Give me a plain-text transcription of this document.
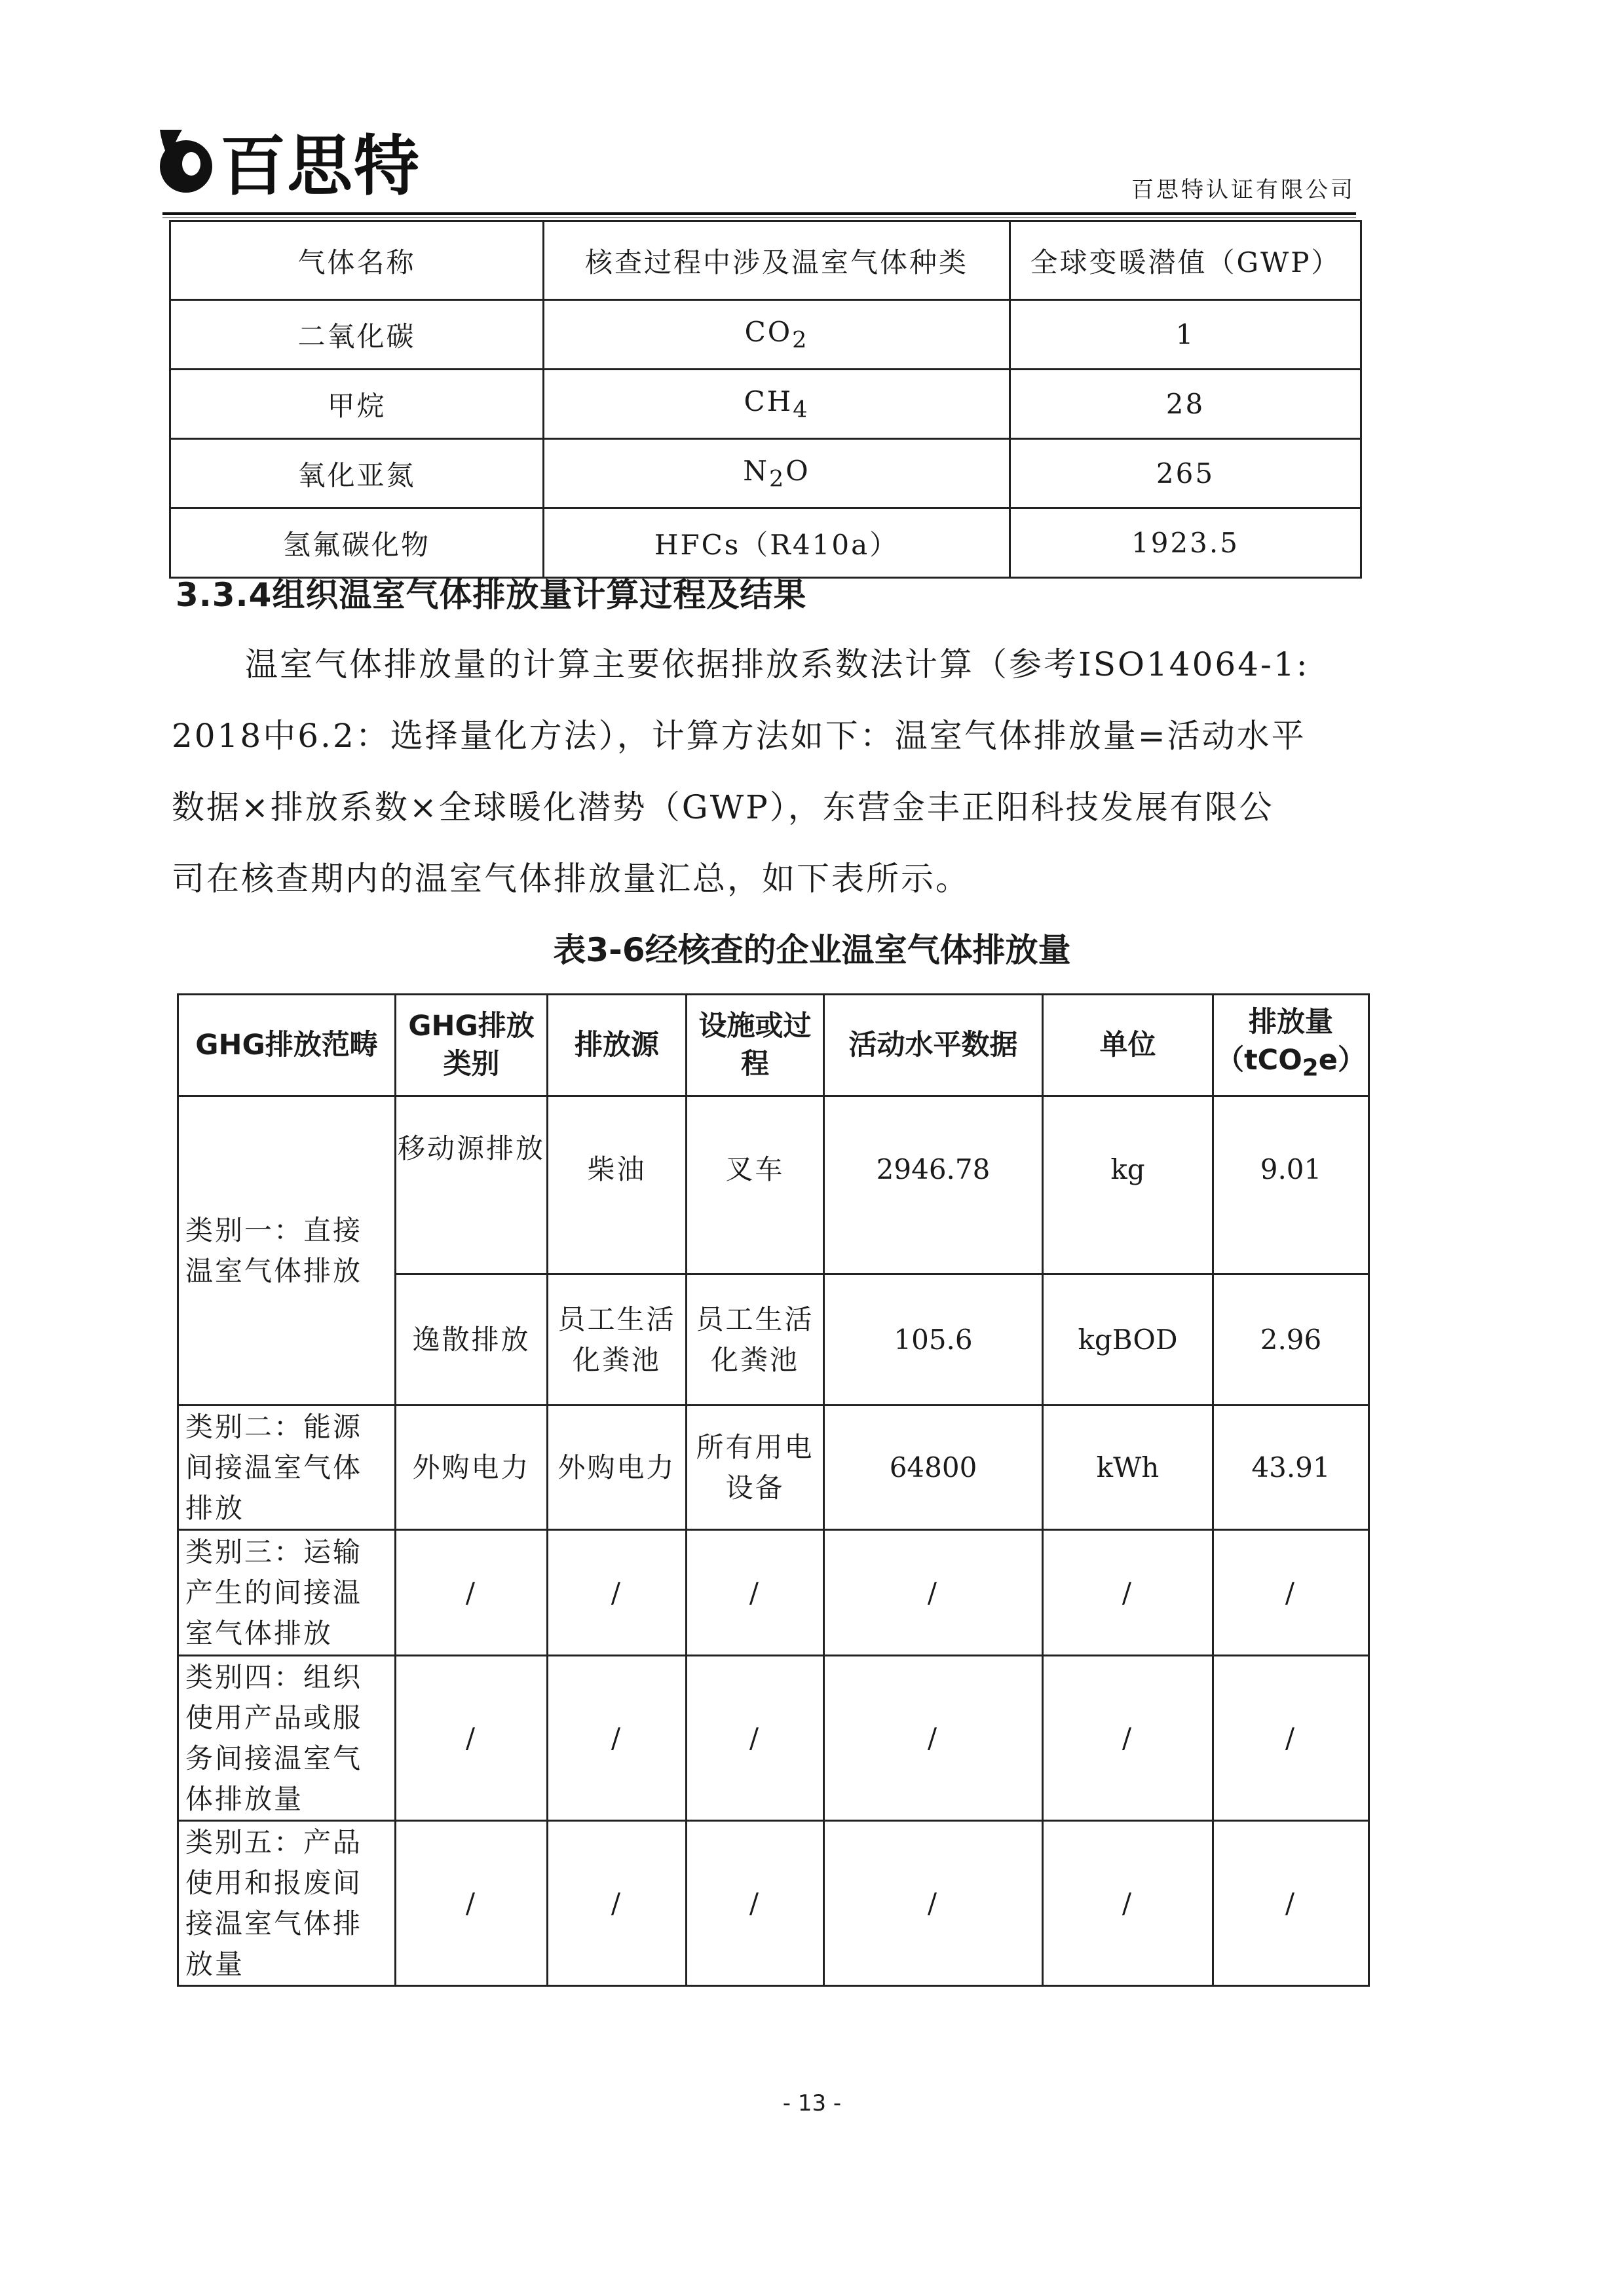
百思特	百思特认证有限公司
气体名称	核查过程中涉及温室气体种类	全球变暖潜值（GWP）
二氧化碳	$CO_2$	1
甲烷	$CH_4$	28
氧化亚氮	$N_2O$	265
氢氟碳化物	HFCs（R410a）	1923.5
3.3.4组织温室气体排放量计算过程及结果
温室气体排放量的计算主要依据排放系数法计算（参考ISO14064-1:
2018中6.2：选择量化方法），计算方法如下：温室气体排放量=活动水平
数据×排放系数×全球暖化潜势（GWP），东营金丰正阳科技发展有限公
司在核查期内的温室气体排放量汇总，如下表所示。
表3-6经核查的企业温室气体排放量
GHG排放范畴	GHG排放类别	排放源	设施或过程	活动水平数据	单位	排放量
（tCO$_2$e）
类别一：直接温室气体排放	移动源排放	柴油	叉车	2946.78	kg	9.01
	逸散排放	员工生活化粪池	员工生活化粪池	105.6	kgBOD	2.96
类别二：能源间接温室气体排放	外购电力	外购电力	所有用电设备	64800	kWh	43.91
类别三：运输产生的间接温室气体排放	/	/	/	/	/	/
类别四：组织使用产品或服务间接温室气体排放量	/	/	/	/	/	/
类别五：产品使用和报废间接温室气体排放量	/	/	/	/	/	/
- 13 -
